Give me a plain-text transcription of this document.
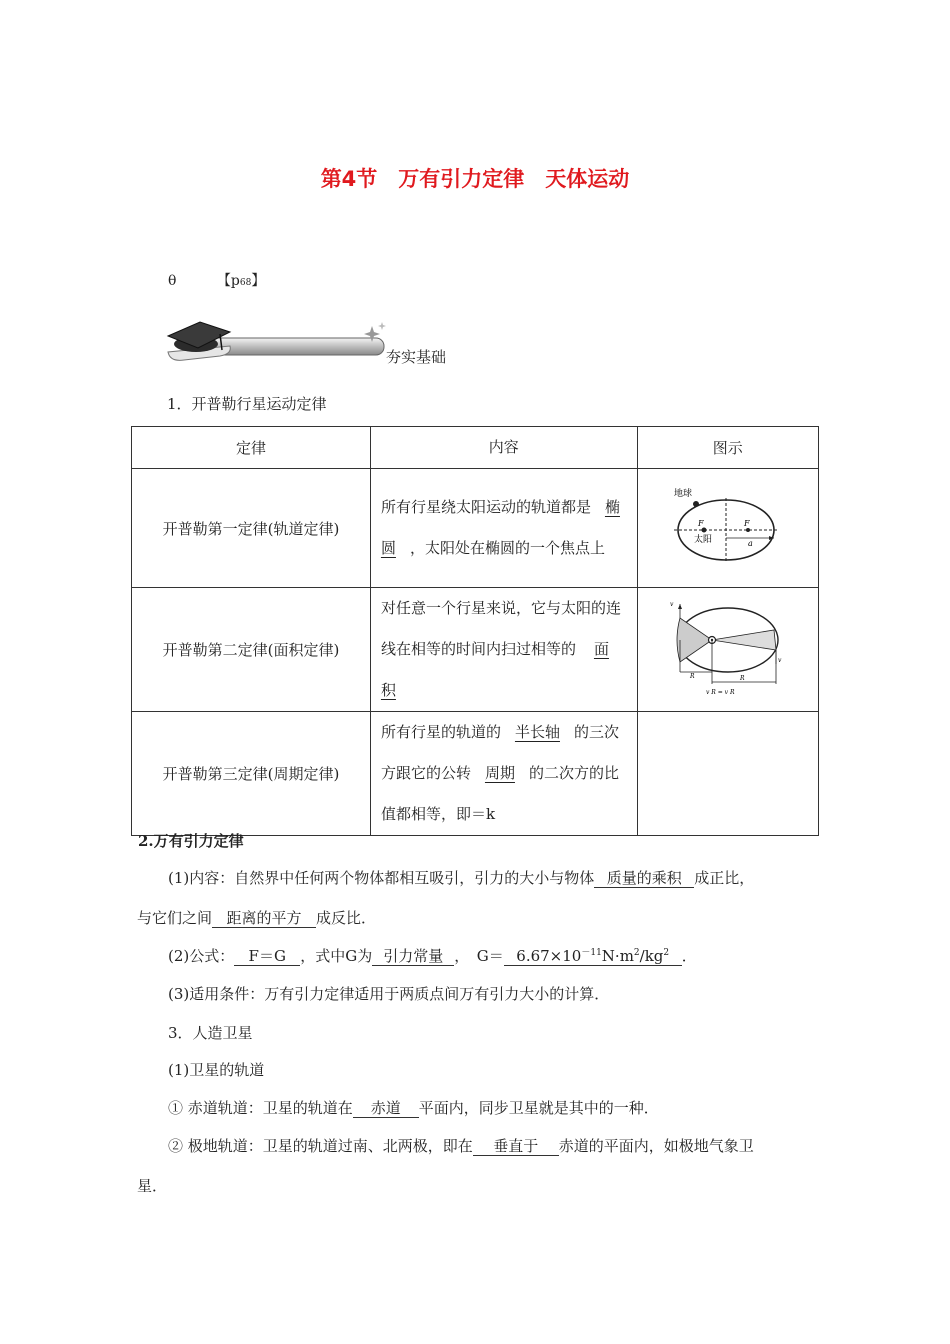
第4节　万有引力定律　天体运动
θ	【p68】
夯实基础
1．开普勒行星运动定律
定律	内容	图示
开普勒第一定律(轨道定律)	所有行星绕太阳运动的轨道都是 椭圆 ，太阳处在椭圆的一个焦点上	地球
F F
太阳 a

开普勒第二定律(面积定律)	对任意一个行星来说，它与太阳的连线在相等的时间内扫过相等的 面积	v
v
R R
v R = v R

开普勒第三定律(周期定律)	所有行星的轨道的 半长轴 的三次方跟它的公转 周期 的二次方的比值都相等，即＝k	
2.万有引力定律
(1)内容：自然界中任何两个物体都相互吸引，引力的大小与物体 质量的乘积 成正比，
与它们之间 距离的平方 成反比．
(2)公式： F＝G ，式中G为 引力常量 ，　$G= 6.67\times 10^{-11}N\cdot m^2/kg^2$ ．
(3)适用条件：万有引力定律适用于两质点间万有引力大小的计算．
3．人造卫星
(1)卫星的轨道
① 赤道轨道：卫星的轨道在 赤道 平面内，同步卫星就是其中的一种．
② 极地轨道：卫星的轨道过南、北两极，即在 垂直于 赤道的平面内，如极地气象卫
星．
